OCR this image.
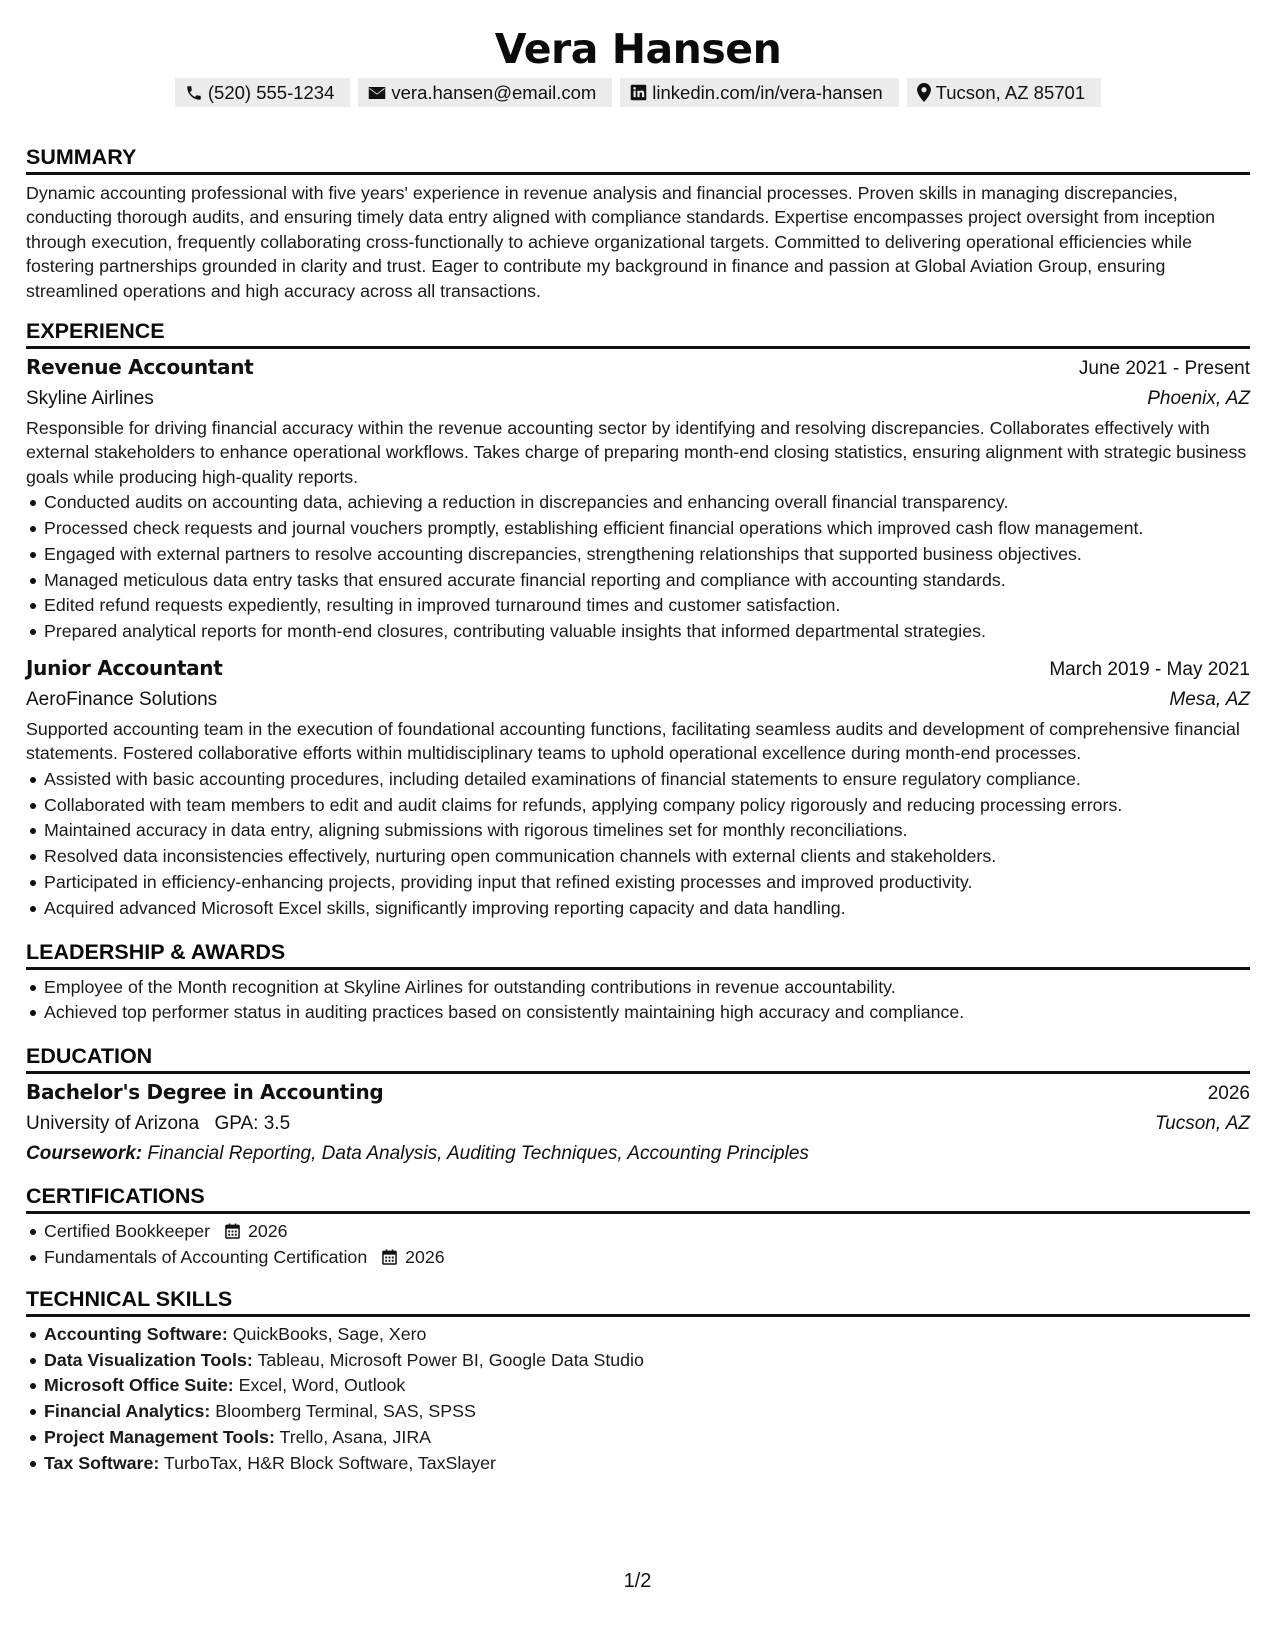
Vera Hansen
(520) 555-1234	vera.hansen@email.com	linkedin.com/in/vera-hansen	Tucson, AZ 85701
SUMMARY

Dynamic accounting professional with five years' experience in revenue analysis and financial processes. Proven skills in managing discrepancies, conducting thorough audits, and ensuring timely data entry aligned with compliance standards. Expertise encompasses project oversight from inception through execution, frequently collaborating cross-functionally to achieve organizational targets. Committed to delivering operational efficiencies while fostering partnerships grounded in clarity and trust. Eager to contribute my background in finance and passion at Global Aviation Group, ensuring streamlined operations and high accuracy across all transactions.

EXPERIENCE
Revenue Accountant	June 2021 - Present
Skyline Airlines	Phoenix, AZ

Responsible for driving financial accuracy within the revenue accounting sector by identifying and resolving discrepancies. Collaborates effectively with external stakeholders to enhance operational workflows. Takes charge of preparing month-end closing statistics, ensuring alignment with strategic business goals while producing high-quality reports.

Conducted audits on accounting data, achieving a reduction in discrepancies and enhancing overall financial transparency.
Processed check requests and journal vouchers promptly, establishing efficient financial operations which improved cash flow management.
Engaged with external partners to resolve accounting discrepancies, strengthening relationships that supported business objectives.
Managed meticulous data entry tasks that ensured accurate financial reporting and compliance with accounting standards.
Edited refund requests expediently, resulting in improved turnaround times and customer satisfaction.
Prepared analytical reports for month-end closures, contributing valuable insights that informed departmental strategies.
Junior Accountant	March 2019 - May 2021
AeroFinance Solutions	Mesa, AZ

Supported accounting team in the execution of foundational accounting functions, facilitating seamless audits and development of comprehensive financial statements. Fostered collaborative efforts within multidisciplinary teams to uphold operational excellence during month-end processes.

Assisted with basic accounting procedures, including detailed examinations of financial statements to ensure regulatory compliance.
Collaborated with team members to edit and audit claims for refunds, applying company policy rigorously and reducing processing errors.
Maintained accuracy in data entry, aligning submissions with rigorous timelines set for monthly reconciliations.
Resolved data inconsistencies effectively, nurturing open communication channels with external clients and stakeholders.
Participated in efficiency-enhancing projects, providing input that refined existing processes and improved productivity.
Acquired advanced Microsoft Excel skills, significantly improving reporting capacity and data handling.
LEADERSHIP & AWARDS
Employee of the Month recognition at Skyline Airlines for outstanding contributions in revenue accountability.
Achieved top performer status in auditing practices based on consistently maintaining high accuracy and compliance.
EDUCATION
Bachelor's Degree in Accounting	2026
University of Arizona GPA: 3.5	Tucson, AZ
Coursework: Financial Reporting, Data Analysis, Auditing Techniques, Accounting Principles
CERTIFICATIONS
Certified Bookkeeper 2026
Fundamentals of Accounting Certification 2026
TECHNICAL SKILLS
Accounting Software: QuickBooks, Sage, Xero
Data Visualization Tools: Tableau, Microsoft Power BI, Google Data Studio
Microsoft Office Suite: Excel, Word, Outlook
Financial Analytics: Bloomberg Terminal, SAS, SPSS
Project Management Tools: Trello, Asana, JIRA
Tax Software: TurboTax, H&R Block Software, TaxSlayer
1/2
